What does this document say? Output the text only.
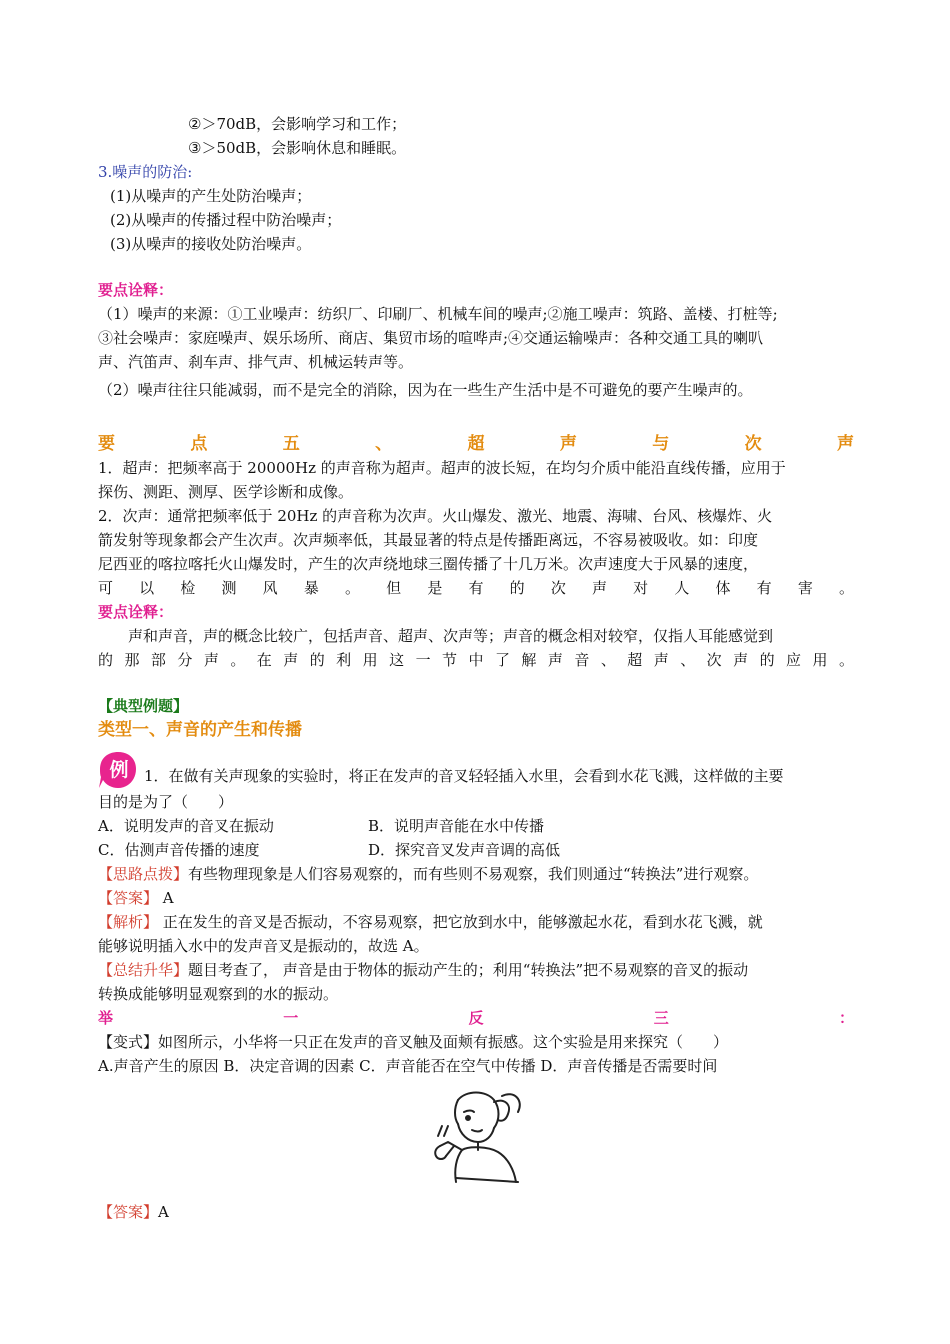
②＞70dB，会影响学习和工作；
③＞50dB，会影响休息和睡眠。
3.噪声的防治:
(1)从噪声的产生处防治噪声；
(2)从噪声的传播过程中防治噪声；
(3)从噪声的接收处防治噪声。
要点诠释：
（1）噪声的来源：①工业噪声：纺织厂、印刷厂、机械车间的噪声;②施工噪声：筑路、盖楼、打桩等;
③社会噪声：家庭噪声、娱乐场所、商店、集贸市场的喧哗声;④交通运输噪声：各种交通工具的喇叭
声、汽笛声、刹车声、排气声、机械运转声等。
（2）噪声往往只能减弱，而不是完全的消除，因为在一些生产生活中是不可避免的要产生噪声的。
要点五、超声与次声
1．超声：把频率高于 20000Hz 的声音称为超声。超声的波长短，在均匀介质中能沿直线传播，应用于
探伤、测距、测厚、医学诊断和成像。
2．次声：通常把频率低于 20Hz 的声音称为次声。火山爆发、激光、地震、海啸、台风、核爆炸、火
箭发射等现象都会产生次声。次声频率低，其最显著的特点是传播距离远，不容易被吸收。如：印度
尼西亚的喀拉喀托火山爆发时，产生的次声绕地球三圈传播了十几万米。次声速度大于风暴的速度，
可以检测风暴。但是有的次声对人体有害。
要点诠释：
声和声音，声的概念比较广，包括声音、超声、次声等；声音的概念相对较窄，仅指人耳能感觉到
的那部分声。在声的利用这一节中了解声音、超声、次声的应用。
【典型例题】
类型一、声音的产生和传播
例 1．在做有关声现象的实验时，将正在发声的音叉轻轻插入水里，会看到水花飞溅，这样做的主要
目的是为了（　　）
A．说明发声的音叉在振动	B．说明声音能在水中传播
C．估测声音传播的速度	D．探究音叉发声音调的高低
【思路点拨】有些物理现象是人们容易观察的，而有些则不易观察，我们则通过“转换法”进行观察。
【答案】 A
【解析】 正在发生的音叉是否振动，不容易观察，把它放到水中，能够激起水花，看到水花飞溅，就
能够说明插入水中的发声音叉是振动的，故选 A。
【总结升华】题目考查了， 声音是由于物体的振动产生的；利用“转换法”把不易观察的音叉的振动
转换成能够明显观察到的水的振动。
举一反三：
【变式】如图所示，小华将一只正在发声的音叉触及面颊有振感。这个实验是用来探究（　　）
A.声音产生的原因 B．决定音调的因素 C．声音能否在空气中传播 D．声音传播是否需要时间
【答案】A
